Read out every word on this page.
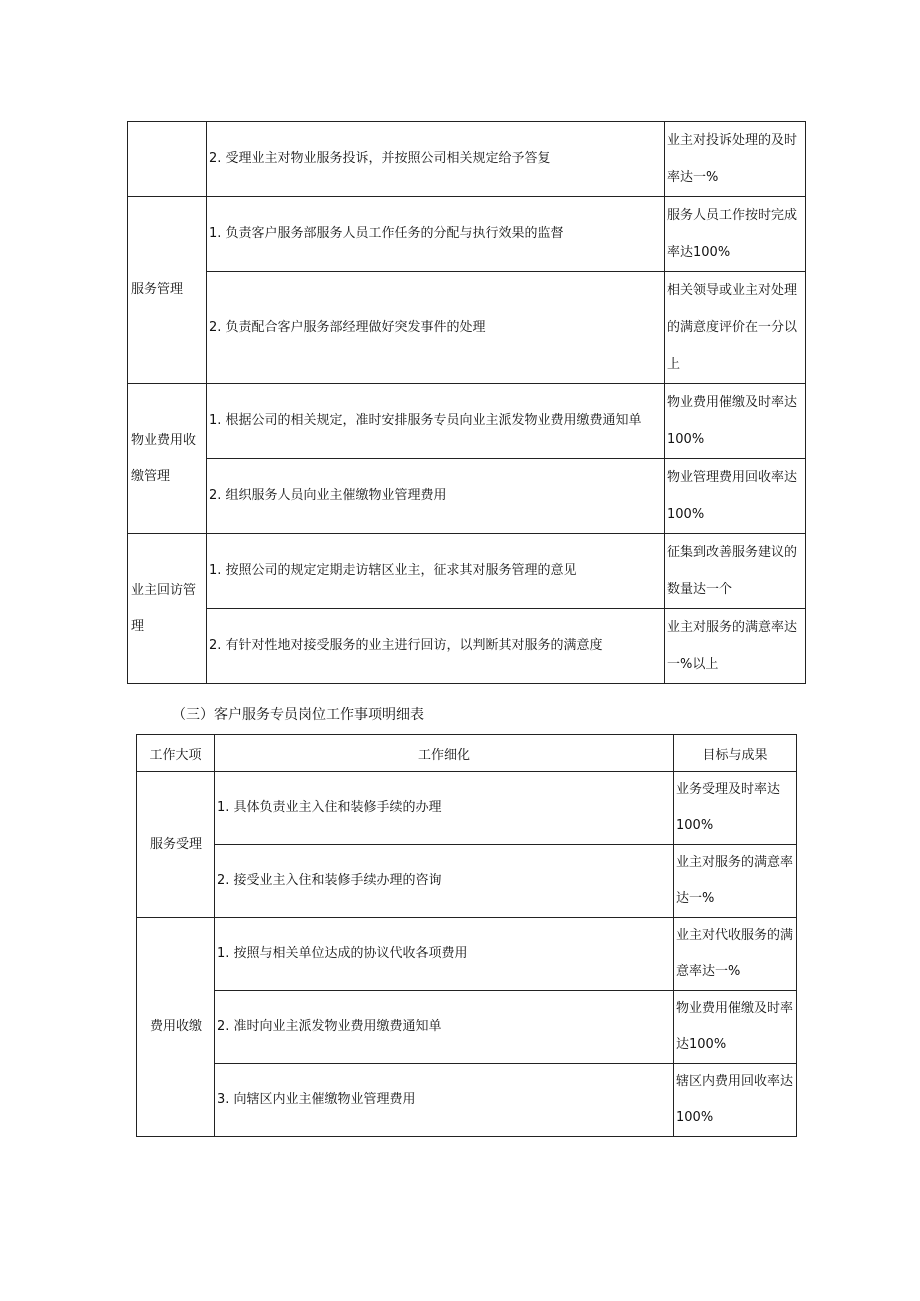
	2. 受理业主对物业服务投诉，并按照公司相关规定给予答复	业主对投诉处理的及时率达一%
服务管理	1. 负责客户服务部服务人员工作任务的分配与执行效果的监督	服务人员工作按时完成率达100%
	2. 负责配合客户服务部经理做好突发事件的处理	相关领导或业主对处理的满意度评价在一分以上
物业费用收缴管理	1. 根据公司的相关规定，准时安排服务专员向业主派发物业费用缴费通知单	物业费用催缴及时率达100%
	2. 组织服务人员向业主催缴物业管理费用	物业管理费用回收率达100%
业主回访管理	1. 按照公司的规定定期走访辖区业主，征求其对服务管理的意见	征集到改善服务建议的数量达一个
	2. 有针对性地对接受服务的业主进行回访，以判断其对服务的满意度	业主对服务的满意率达一%以上
（三）客户服务专员岗位工作事项明细表
工作大项	工作细化	目标与成果
服务受理	1. 具体负责业主入住和装修手续的办理	业务受理及时率达100%
	2. 接受业主入住和装修手续办理的咨询	业主对服务的满意率达一%
费用收缴	1. 按照与相关单位达成的协议代收各项费用	业主对代收服务的满意率达一%
	2. 准时向业主派发物业费用缴费通知单	物业费用催缴及时率达100%
	3. 向辖区内业主催缴物业管理费用	辖区内费用回收率达100%
